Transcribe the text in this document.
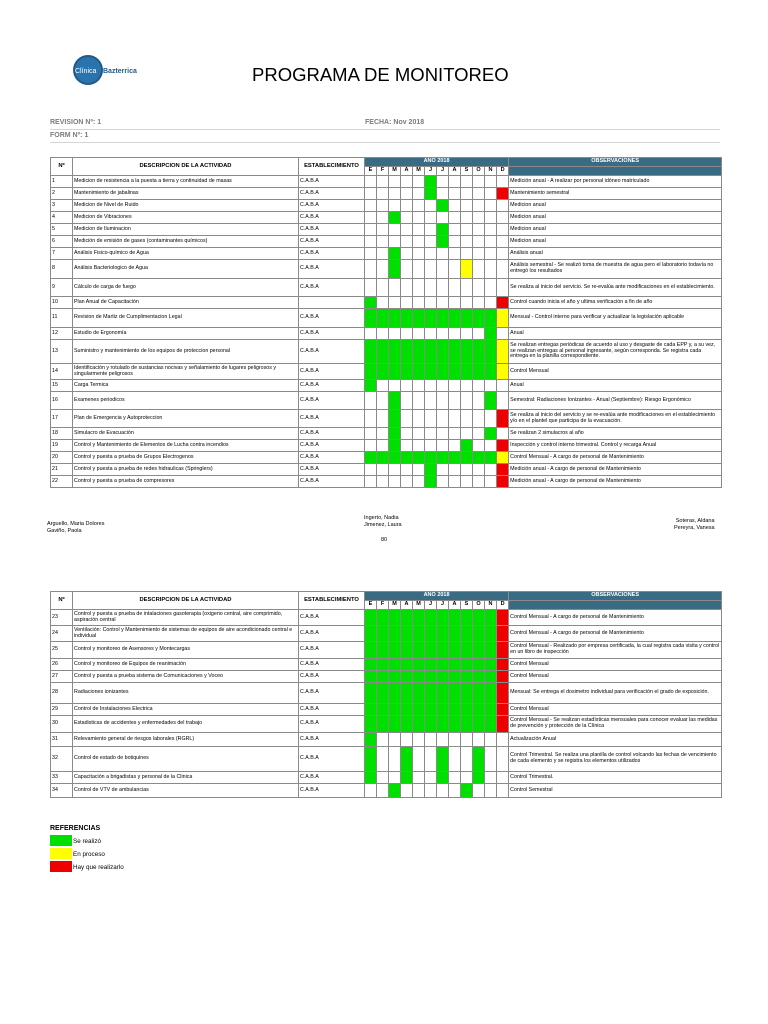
Clínica Bazterrica	PROGRAMA DE MONITOREO
REVISION Nº: 1	FECHA: Nov 2018
FORM Nº: 1
Nº	DESCRIPCION DE LA ACTIVIDAD	ESTABLECIMIENTO	AÑO 2018												OBSERVACIONES
			E	F	M	A	M	J	J	A	S	O	N	D	
1	Medicion de resistencia a la puesta a tierra y continuidad de masas	C.A.B.A													Medición anual - A realizar por personal idóneo matriculado
2	Mantenimiento de jabalinas	C.A.B.A													Mantenimiento semestral
3	Medicion de Nivel de Ruido	C.A.B.A													Medicion anual
4	Medicion de Vibraciones	C.A.B.A													Medicion anual
5	Medicion de Iluminacion	C.A.B.A													Medicion anual
6	Medición de emisión de gases (contaminantes químicos)	C.A.B.A													Medicion anual
7	Análisis Fisico-químico de Agua	C.A.B.A													Análisis anual
8	Análisis Bacteriologico de Agua	C.A.B.A													Análisis semestral - Se realizó toma de muestra de agua pero el laboratorio todavía no entregó los resultados
9	Cálculo de carga de fuego	C.A.B.A													Se realiza al inicio del servicio. Se re-evalúa ante modificaciones en el establecimiento.
10	Plan Anual de Capacitación														Control cuando inicia el año y ultima verificación a fin de año
11	Revision de Martiz de Cumplimentacion Legal	C.A.B.A													Mensual - Control interno para verificar y actualizar la legislación aplicable
12	Estudio de Ergonomía	C.A.B.A													Anual
13	Suministro y mantenimiento de los equipos de proteccion personal	C.A.B.A													Se realizan entregas periódicas de acuerdo al uso y desgaste de cada EPP y, a su vez, se realizan entregas al personal ingresante, según corresponda. Se registra cada entrega en la planilla correspondiente.
14	Identificación y rotulado de sustancias nocivas y señalamiento de lugares peligrosos y singularmente peligrosos	C.A.B.A													Control Mensual
15	Carga Termica	C.A.B.A													Anual
16	Examenes periodicos	C.A.B.A													Semestral: Radiaciones Ionizantes - Anual (Septiembre): Riesgo Ergonómico
17	Plan de Emergencia y Autoproteccion	C.A.B.A													Se realiza al inicio del servicio y se re-evalúa ante modificaciones en el establecimiento y/o en el plantel que participa de la evacuación.
18	Simulacro de Evacuación	C.A.B.A													Se realizan 2 simulacros al año
19	Control y Mantenimiento de Elementos de Lucha contra incendios	C.A.B.A													Inspección y control interno trimestral. Control y recarga Anual
20	Control y puesta a prueba de Grupos Electrogenos	C.A.B.A													Control Mensual - A cargo de personal de Mantenimiento
21	Control y puesta a prueba de redes hidraulicas (Springlers)	C.A.B.A													Medición anual - A cargo de personal de Mantenimiento
22	Control y puesta a prueba de compresores	C.A.B.A													Medición anual - A cargo de personal de Mantenimiento
Arguello, Maria Dolores
Gaviño, Paola
Ingerto, Nadia
Jimenez, Laura
80
Soteras, Aldana
Pereyra, Vanesa
Nº	DESCRIPCION DE LA ACTIVIDAD	ESTABLECIMIENTO	AÑO 2018												OBSERVACIONES
			E	F	M	A	M	J	J	A	S	O	N	D	
23	Control y puesta a prueba de intalaciones gasoterapia (oxigeno central, aire comprimido, aspiración central	C.A.B.A													Control Mensual - A cargo de personal de Mantenimiento
24	Ventilación: Control y Mantenimiento de sistemas de equipos de aire acondicionado central e individual	C.A.B.A													Control Mensual - A cargo de personal de Mantenimiento
25	Control y monitoreo de Asensores y Montecargas	C.A.B.A													Control Mensual - Realizado por empresa certificada, la cual registra cada visita y control en un libro de inspección
26	Control y monitoreo de Equipos de reanimación	C.A.B.A													Control Mensual
27	Control y puesta a prueba sistema de Comunicaciones y Voceo	C.A.B.A													Control Mensual
28	Radiaciones ionizantes	C.A.B.A													Mensual: Se entrega el dosimetro individual para verificación el grado de exposición.
29	Control de Instalaciones Electrica	C.A.B.A													Control Mensual
30	Estadisticas de accidentes y enfermedades del trabajo	C.A.B.A													Control Mensual - Se realizan estadísticas mensuales para conocer evaluar las medidas de prevención y protección de la Clínica
31	Relevamiento general de riesgos laborales (RGRL)	C.A.B.A													Actualización Anual
32	Control de estado de botiquines	C.A.B.A													Control Trimestral. Se realiza una planilla de control volcando las fechas de vencimiento de cada elemento y se registra los elementos utilizados
33	Capacitación a brigadistas y personal de la Clinica	C.A.B.A													Control Trimestral.
34	Control de VTV de ambulancias	C.A.B.A													Control Semestral
REFERENCIAS
Se realizó
En proceso
Hay que realizarlo
